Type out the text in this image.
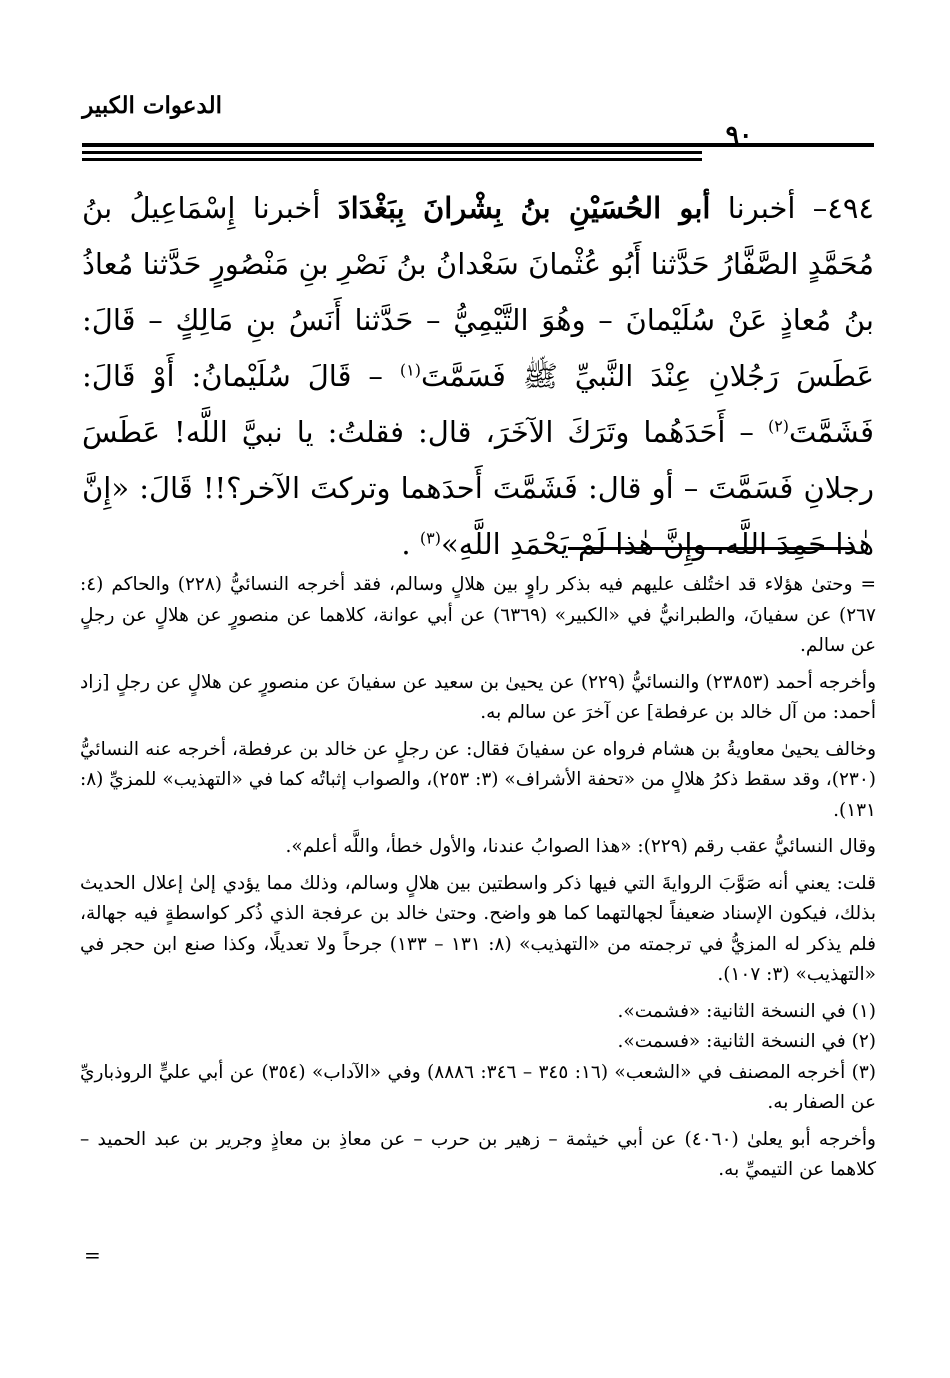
الدعوات الكبير
٩٠
٤٩٤– أخبرنا أبو الحُسَيْنِ بنُ بِشْرانَ بِبَغْدَادَ أخبرنا إِسْمَاعِيلُ بنُ مُحَمَّدٍ الصَّفَّارُ حَدَّثنا أَبُو عُثْمانَ سَعْدانُ بنُ نَصْرِ بنِ مَنْصُورٍ حَدَّثنا مُعاذُ بنُ مُعاذٍ عَنْ سُلَيْمانَ – وهُوَ التَّيْمِيُّ – حَدَّثنا أَنَسُ بنِ مَالِكٍ – قَالَ: عَطَسَ رَجُلانِ عِنْدَ النَّبيِّ ﷺ فَسَمَّتَ$^{(١)}$ – قَالَ سُلَيْمانُ: أَوْ قَالَ: فَشَمَّتَ$^{(٢)}$ – أَحَدَهُما وتَرَكَ الآخَرَ، قال: فقلتُ: يا نبيَّ اللَّه! عَطَسَ رجلانِ فَسَمَّتَ – أو قال: فَشَمَّتَ أَحدَهما وتركتَ الآخر؟!! قَالَ: «إِنَّ هٰذا حَمِدَ اللَّه، وإِنَّ هٰذا لَمْ يَحْمَدِ اللَّهِ»$^{(٣)}$ .

= وحتىٰ هؤلاء قد اختُلف عليهم فيه بذكر راوٍ بين هلالٍ وسالم، فقد أخرجه النسائيُّ (٢٢٨) والحاكم (٤: ٢٦٧) عن سفيانَ، والطبرانيُّ في «الكبير» (٦٣٦٩) عن أبي عوانة، كلاهما عن منصورٍ عن هلالٍ عن رجلٍ عن سالم.

وأخرجه أحمد (٢٣٨٥٣) والنسائيُّ (٢٢٩) عن يحيىٰ بن سعيد عن سفيانَ عن منصورٍ عن هلالٍ عن رجلٍ [زاد أحمد: من آل خالد بن عرفطة] عن آخرَ عن سالم به.

وخالف يحيىٰ معاويةُ بن هشام فرواه عن سفيانَ فقال: عن رجلٍ عن خالد بن عرفطة، أخرجه عنه النسائيُّ (٢٣٠)، وقد سقط ذكرُ هلالٍ من «تحفة الأشراف» (٣: ٢٥٣)، والصواب إثباتُه كما في «التهذيب» للمزيِّ (٨: ١٣١).

وقال النسائيُّ عقب رقم (٢٢٩): «هذا الصوابُ عندنا، والأول خطأ، واللَّه أعلم».

قلت: يعني أنه صَوَّبَ الروايةَ التي فيها ذكر واسطتين بين هلالٍ وسالم، وذلك مما يؤدي إلىٰ إعلال الحديث بذلك، فيكون الإسناد ضعيفاً لجهالتهما كما هو واضح. وحتىٰ خالد بن عرفجة الذي ذُكر كواسطةٍ فيه جهالة، فلم يذكر له المزيُّ في ترجمته من «التهذيب» (٨: ١٣١ – ١٣٣) جرحاً ولا تعديلًا، وكذا صنع ابن حجر في «التهذيب» (٣: ١٠٧).

(١) في النسخة الثانية: «فشمت».

(٢) في النسخة الثانية: «فسمت».

(٣) أخرجه المصنف في «الشعب» (١٦: ٣٤٥ – ٣٤٦: ٨٨٨٦) وفي «الآداب» (٣٥٤) عن أبي عليٍّ الروذباريِّ عن الصفار به.

وأخرجه أبو يعلىٰ (٤٠٦٠) عن أبي خيثمة – زهير بن حرب – عن معاذِ بن معاذٍ وجرير بن عبد الحميد – كلاهما عن التيميِّ به.

=
